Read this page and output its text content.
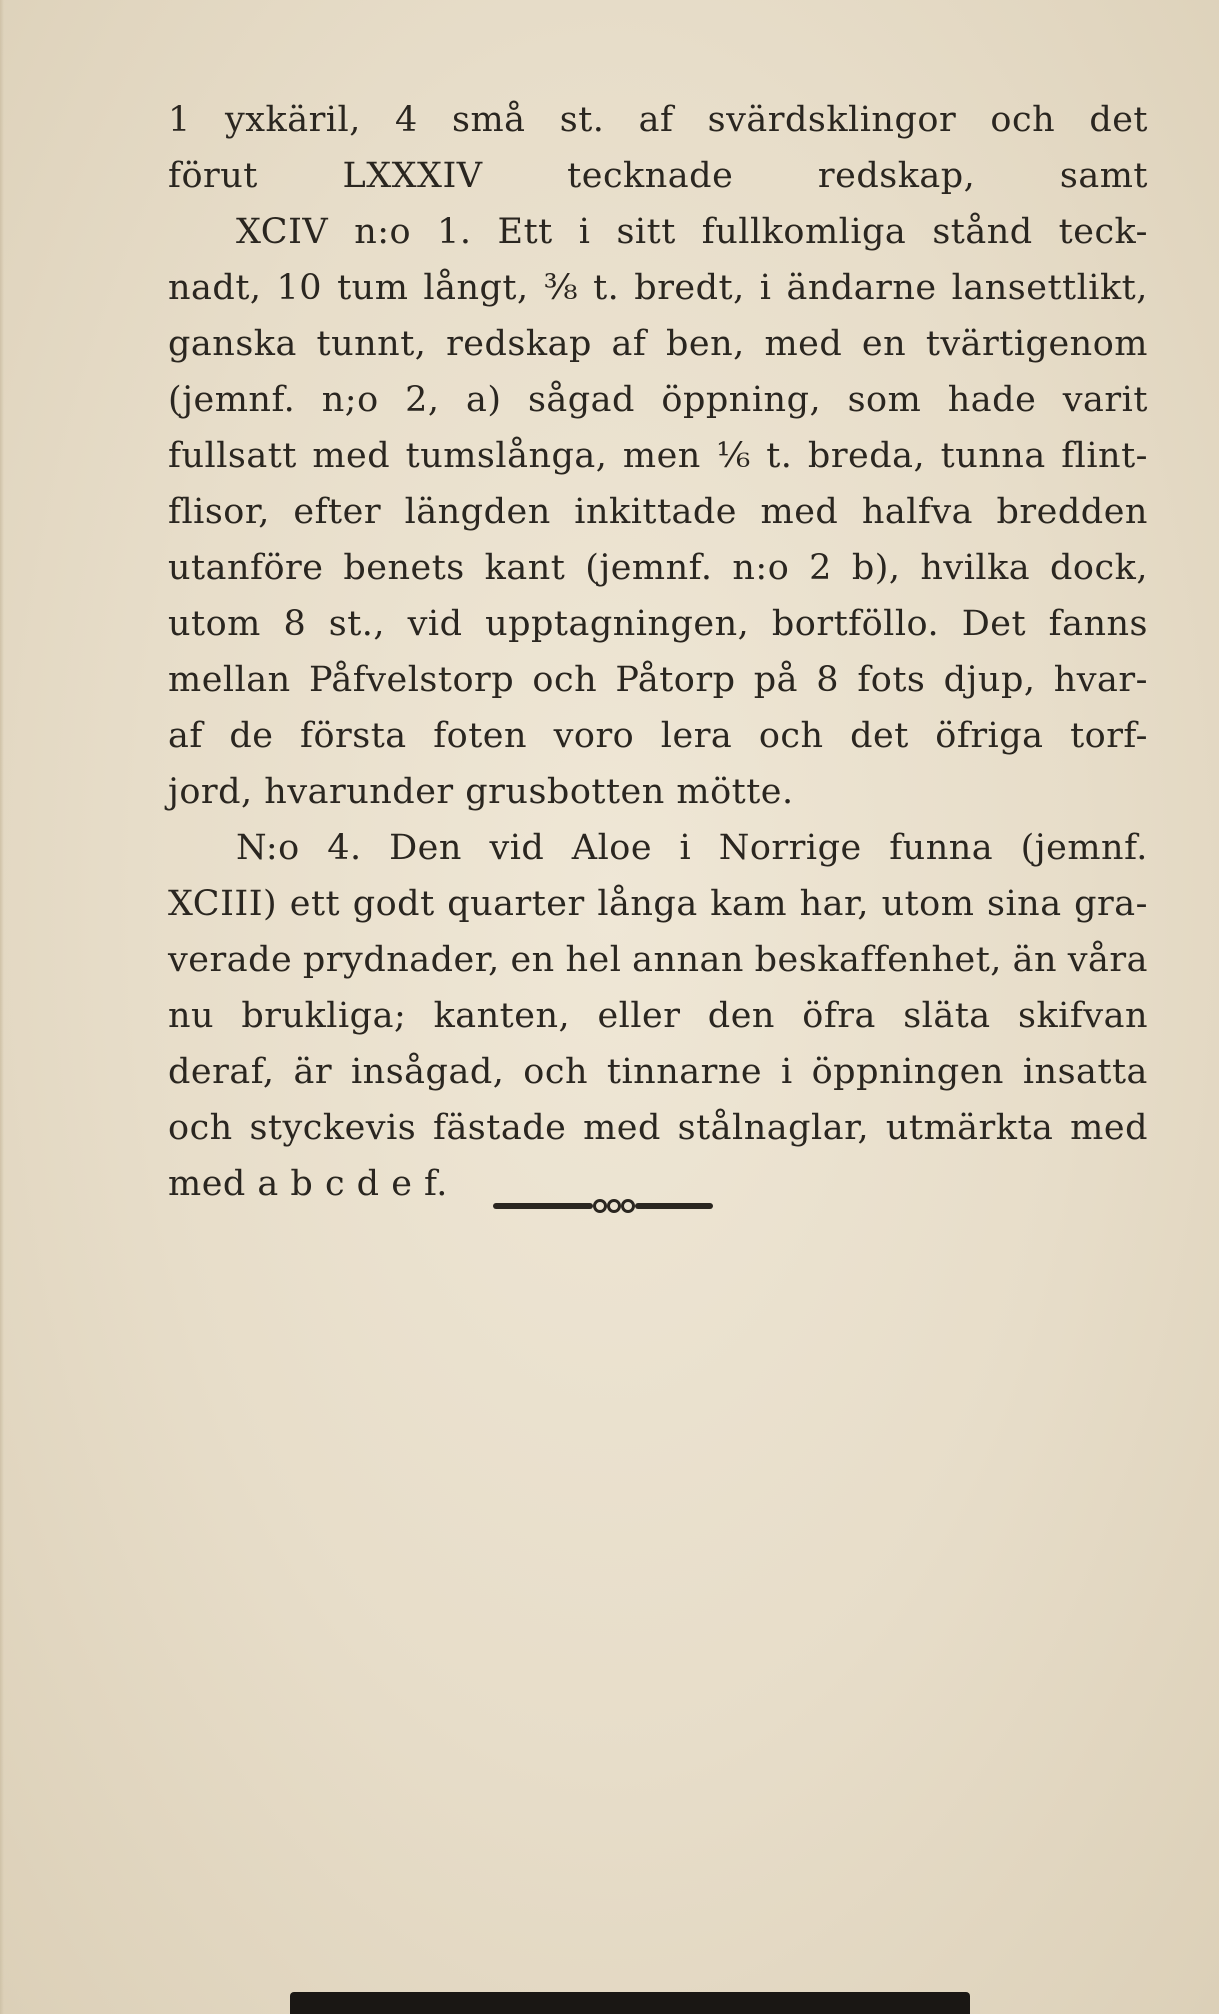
1 yxkäril, 4 små st. af svärdsklingor och det
förut LXXXIV tecknade redskap, samt
XCIV n:o 1. Ett i sitt fullkomliga stånd teck-
nadt, 10 tum långt, ⅜ t. bredt, i ändarne lansettlikt,
ganska tunnt, redskap af ben, med en tvärtigenom
(jemnf. n;o 2, a) sågad öppning, som hade varit
fullsatt med tumslånga, men ⅙ t. breda, tunna flint-
flisor, efter längden inkittade med halfva bredden
utanföre benets kant (jemnf. n:o 2 b), hvilka dock,
utom 8 st., vid upptagningen, bortföllo. Det fanns
mellan Påfvelstorp och Påtorp på 8 fots djup, hvar-
af de första foten voro lera och det öfriga torf-
jord, hvarunder grusbotten mötte.
N:o 4. Den vid Aloe i Norrige funna (jemnf.
XCIII) ett godt quarter långa kam har, utom sina gra-
verade prydnader, en hel annan beskaffenhet, än våra
nu brukliga; kanten, eller den öfra släta skifvan
deraf, är insågad, och tinnarne i öppningen insatta
och styckevis fästade med stålnaglar, utmärkta med
med a b c d e f.
